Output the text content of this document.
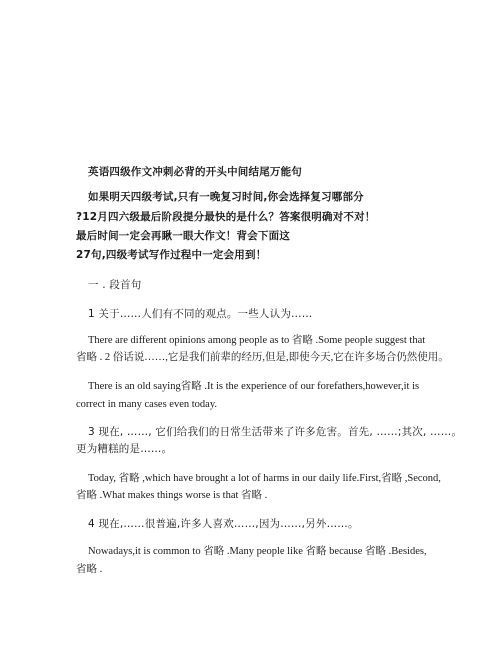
英语四级作文冲刺必背的开头中间结尾万能句

如果明天四级考试,只有一晚复习时间,你会选择复习哪部分

?12月四六级最后阶段提分最快的是什么？答案很明确对不对！

最后时间一定会再瞅一眼大作文！背会下面这

27句,四级考试写作过程中一定会用到！

一 . 段首句

1 关于……人们有不同的观点。一些人认为……

There are different opinions among people as to 省略 .Some people suggest that

省略 . 2 俗话说……,它是我们前辈的经历,但是,即使今天,它在许多场合仍然使用。

There is an old saying省略 .It is the experience of our forefathers,however,it is

correct in many cases even today.

3 现在, ……, 它们给我们的日常生活带来了许多危害。首先, ……;其次, ……。

更为糟糕的是……。

Today, 省略 ,which have brought a lot of harms in our daily life.First,省略 ,Second,

省略 .What makes things worse is that 省略 .

4 现在,……很普遍,许多人喜欢……,因为……,另外……。

Nowadays,it is common to 省略 .Many people like 省略 because 省略 .Besides,

省略 .
